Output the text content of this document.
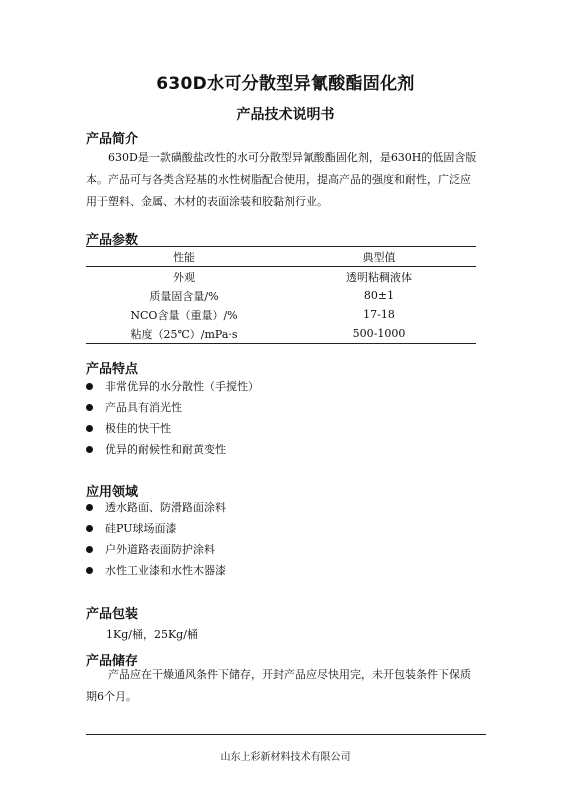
630D水可分散型异氰酸酯固化剂
产品技术说明书
产品简介
630D是一款磺酸盐改性的水可分散型异氰酸酯固化剂，是630H的低固含版
本。产品可与各类含羟基的水性树脂配合使用，提高产品的强度和耐性，广泛应
用于塑料、金属、木材的表面涂装和胶黏剂行业。
产品参数
性能	典型值
外观	透明粘稠液体
质量固含量/%	80±1
NCO含量（重量）/%	17-18
粘度（25℃）/mPa·s	500-1000
产品特点
非常优异的水分散性（手搅性）
产品具有消光性
极佳的快干性
优异的耐候性和耐黄变性
应用领域
透水路面、防滑路面涂料
硅PU球场面漆
户外道路表面防护涂料
水性工业漆和水性木器漆
产品包装
1Kg/桶，25Kg/桶
产品储存
产品应在干燥通风条件下储存，开封产品应尽快用完，未开包装条件下保质
期6个月。
山东上彩新材料技术有限公司
